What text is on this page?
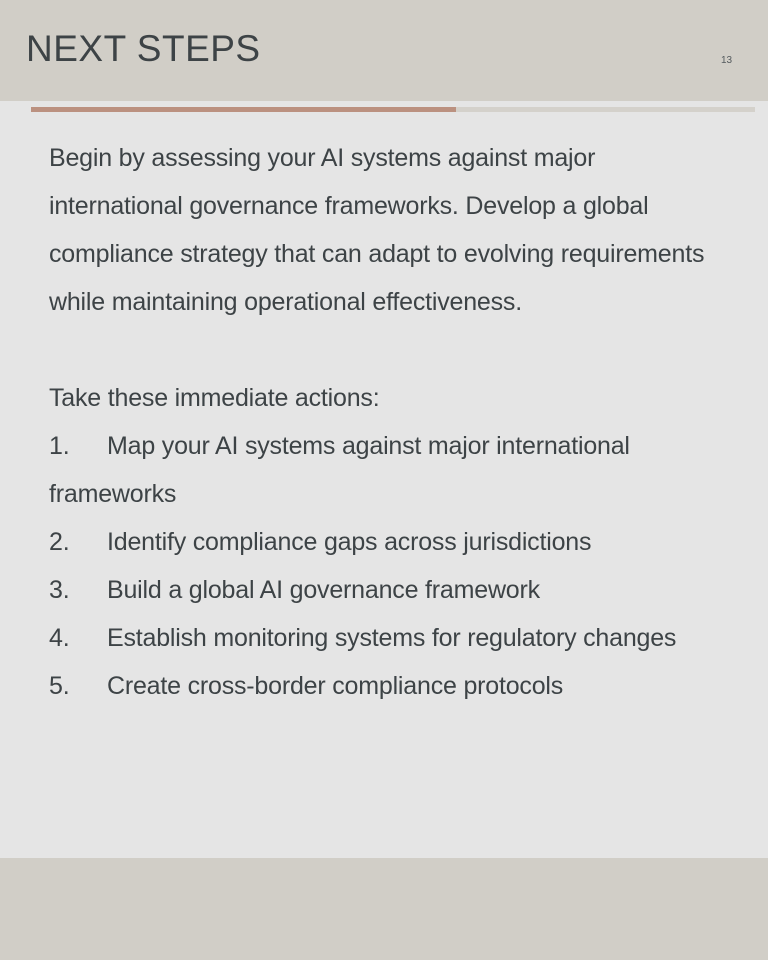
NEXT STEPS	13

Begin by assessing your AI systems against major international governance frameworks. Develop a global compliance strategy that can adapt to evolving requirements while maintaining operational effectiveness.

Take these immediate actions:

1. Map your AI systems against major international frameworks

2. Identify compliance gaps across jurisdictions

3. Build a global AI governance framework

4. Establish monitoring systems for regulatory changes

5. Create cross-border compliance protocols
